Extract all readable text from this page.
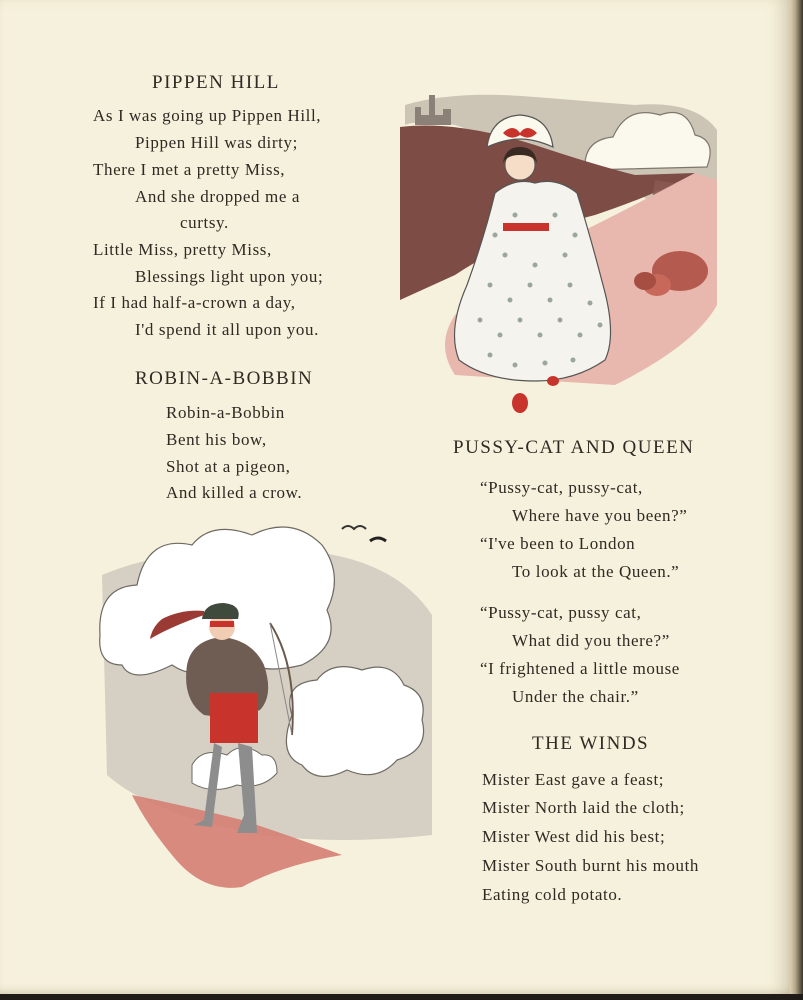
PIPPEN HILL
As I was going up Pippen Hill,
Pippen Hill was dirty;
There I met a pretty Miss,
And she dropped me a
curtsy.
Little Miss, pretty Miss,
Blessings light upon you;
If I had half-a-crown a day,
I'd spend it all upon you.
ROBIN-A-BOBBIN
Robin-a-Bobbin
Bent his bow,
Shot at a pigeon,
And killed a crow.
PUSSY-CAT AND QUEEN
“Pussy-cat, pussy-cat,
Where have you been?”
“I've been to London
To look at the Queen.”
“Pussy-cat, pussy cat,
What did you there?”
“I frightened a little mouse
Under the chair.”
THE WINDS
Mister East gave a feast;
Mister North laid the cloth;
Mister West did his best;
Mister South burnt his mouth
Eating cold potato.
